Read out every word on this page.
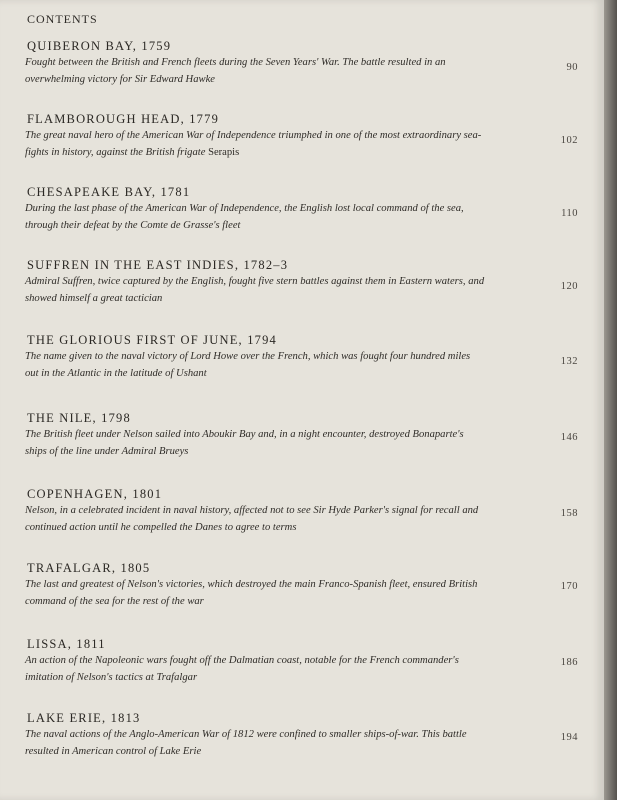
CONTENTS
QUIBERON BAY, 1759
Fought between the British and French fleets during the Seven Years' War. The battle resulted in an overwhelming victory for Sir Edward Hawke
90
FLAMBOROUGH HEAD, 1779
The great naval hero of the American War of Independence triumphed in one of the most extraordinary sea-fights in history, against the British frigate Serapis
102
CHESAPEAKE BAY, 1781
During the last phase of the American War of Independence, the English lost local command of the sea, through their defeat by the Comte de Grasse's fleet
110
SUFFREN IN THE EAST INDIES, 1782–3
Admiral Suffren, twice captured by the English, fought five stern battles against them in Eastern waters, and showed himself a great tactician
120
THE GLORIOUS FIRST OF JUNE, 1794
The name given to the naval victory of Lord Howe over the French, which was fought four hundred miles out in the Atlantic in the latitude of Ushant
132
THE NILE, 1798
The British fleet under Nelson sailed into Aboukir Bay and, in a night encounter, destroyed Bonaparte's ships of the line under Admiral Brueys
146
COPENHAGEN, 1801
Nelson, in a celebrated incident in naval history, affected not to see Sir Hyde Parker's signal for recall and continued action until he compelled the Danes to agree to terms
158
TRAFALGAR, 1805
The last and greatest of Nelson's victories, which destroyed the main Franco-Spanish fleet, ensured British command of the sea for the rest of the war
170
LISSA, 1811
An action of the Napoleonic wars fought off the Dalmatian coast, notable for the French commander's imitation of Nelson's tactics at Trafalgar
186
LAKE ERIE, 1813
The naval actions of the Anglo-American War of 1812 were confined to smaller ships-of-war. This battle resulted in American control of Lake Erie
194
